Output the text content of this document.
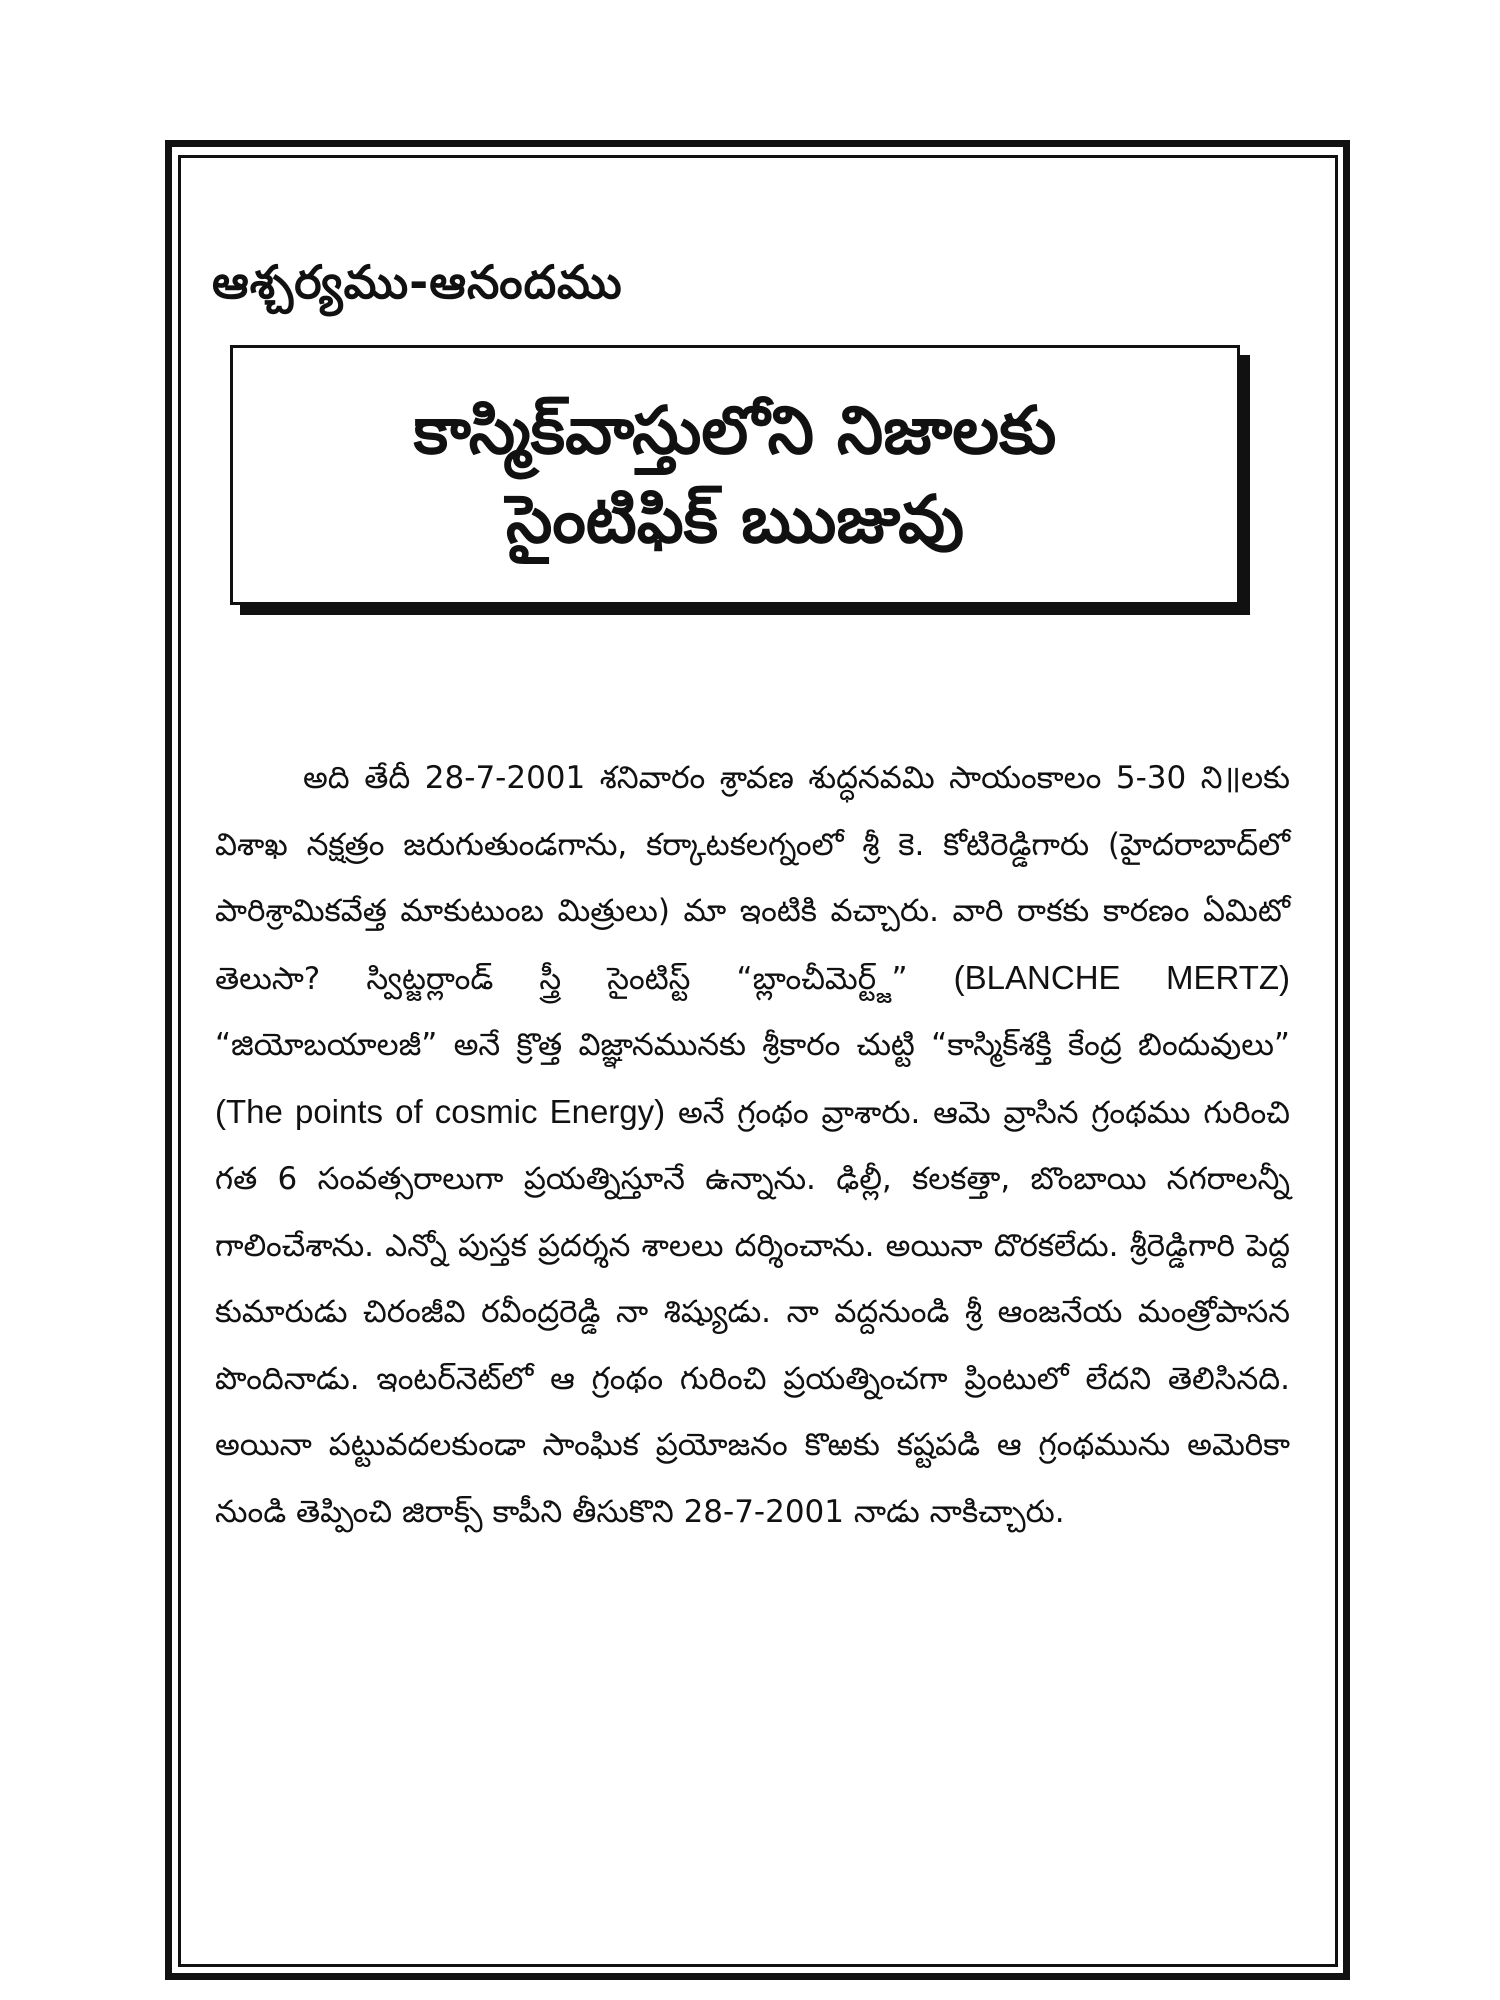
ఆశ్చర్యము-ఆనందము
కాస్మిక్‌వాస్తులోని నిజాలకు
సైంటిఫిక్ ఋజువు

అది తేదీ 28-7-2001 శనివారం శ్రావణ శుద్ధనవమి సాయంకాలం 5-30 ని॥లకు విశాఖ నక్షత్రం జరుగుతుండగాను, కర్కాటకలగ్నంలో శ్రీ కె. కోటిరెడ్డిగారు (హైదరాబాద్‌లో పారిశ్రామికవేత్త మాకుటుంబ మిత్రులు) మా ఇంటికి వచ్చారు. వారి రాకకు కారణం ఏమిటో తెలుసా? స్విట్జర్లాండ్ స్త్రీ సైంటిస్ట్ “బ్లాంచీమెర్ట్జ్” (BLANCHE MERTZ) “జియోబయాలజీ” అనే క్రొత్త విజ్ఞానమునకు శ్రీకారం చుట్టి “కాస్మిక్‌శక్తి కేంద్ర బిందువులు” (The points of cosmic Energy) అనే గ్రంథం వ్రాశారు. ఆమె వ్రాసిన గ్రంథము గురించి గత 6 సంవత్సరాలుగా ప్రయత్నిస్తూనే ఉన్నాను. ఢిల్లీ, కలకత్తా, బొంబాయి నగరాలన్నీ గాలించేశాను. ఎన్నో పుస్తక ప్రదర్శన శాలలు దర్శించాను. అయినా దొరకలేదు. శ్రీరెడ్డిగారి పెద్ద కుమారుడు చిరంజీవి రవీంద్రరెడ్డి నా శిష్యుడు. నా వద్దనుండి శ్రీ ఆంజనేయ మంత్రోపాసన పొందినాడు. ఇంటర్‌నెట్‌లో ఆ గ్రంథం గురించి ప్రయత్నించగా ప్రింటులో లేదని తెలిసినది. అయినా పట్టువదలకుండా సాంఘిక ప్రయోజనం కొఱకు కష్టపడి ఆ గ్రంథమును అమెరికా నుండి తెప్పించి జిరాక్స్ కాపీని తీసుకొని 28-7-2001 నాడు నాకిచ్చారు.
